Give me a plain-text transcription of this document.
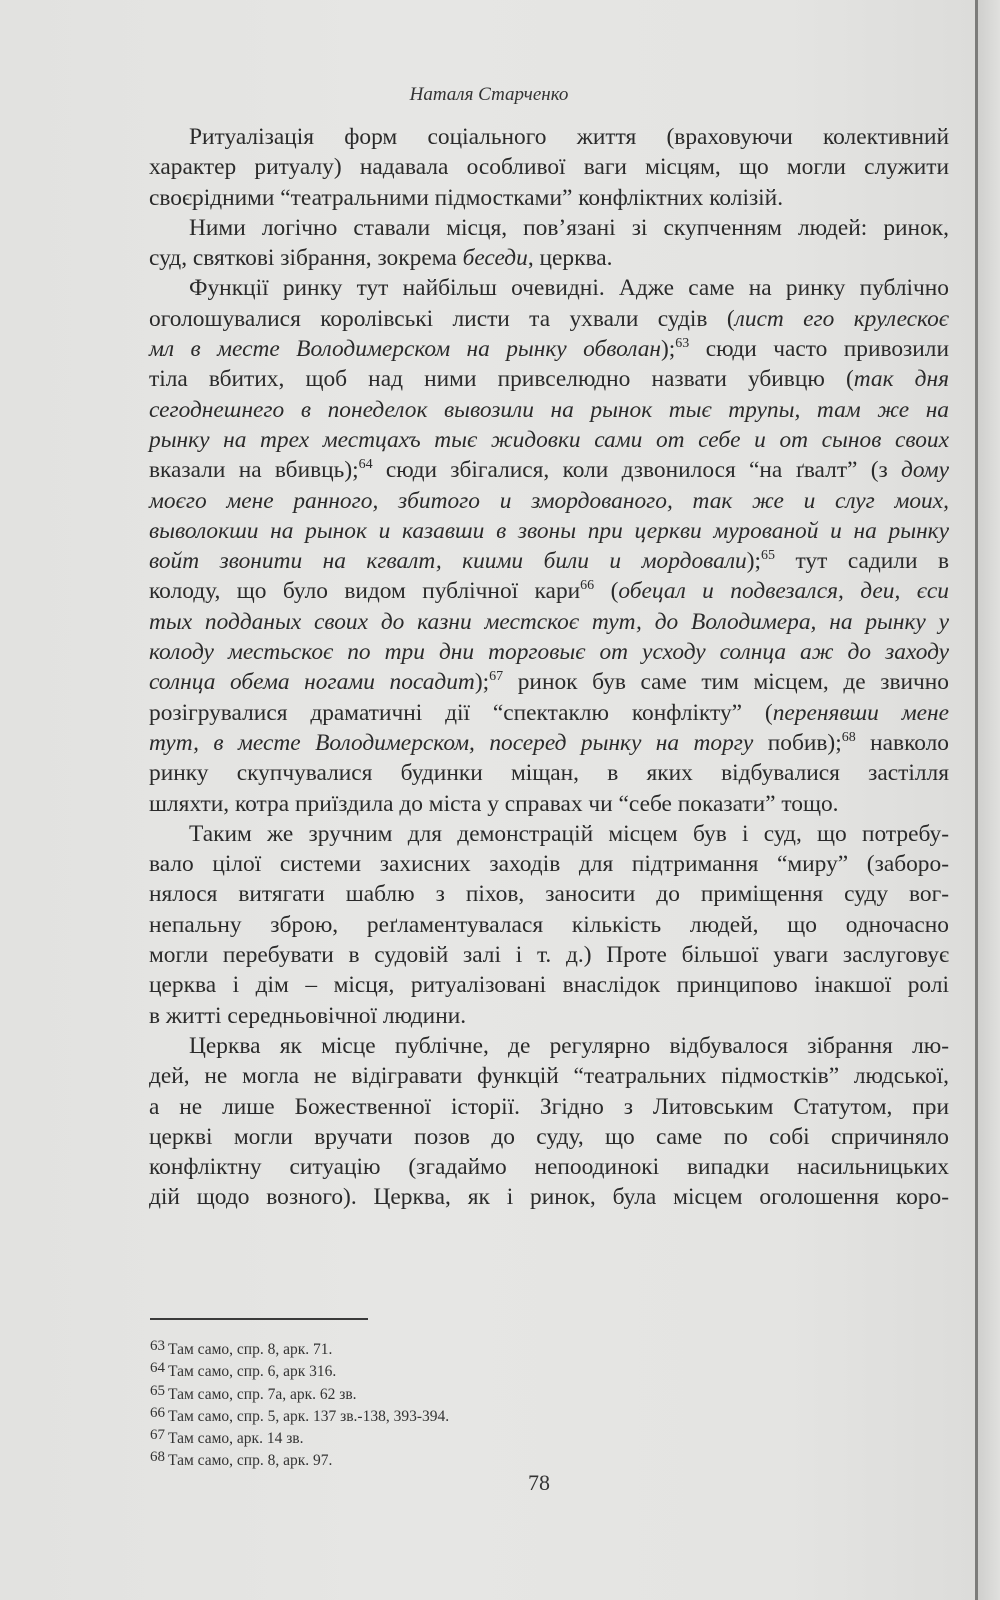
Наталя Старченко
Ритуалізація форм соціального життя (враховуючи колективний
характер ритуалу) надавала особливої ваги місцям, що могли служити
своєрідними “театральними підмостками” конфліктних колізій.
Ними логічно ставали місця, пов’язані зі скупченням людей: ринок,
суд, святкові зібрання, зокрема беседи, церква.
Функції ринку тут найбільш очевидні. Адже саме на ринку публічно
оголошувалися королівські листи та ухвали судів (лист его крулескоє
мл в месте Володимерском на рынку обволан);$^{63}$ сюди часто привозили
тіла вбитих, щоб над ними привселюдно назвати убивцю (так дня
сегоднешнего в понеделок вывозили на рынок тыє трупы, там же на
рынку на трех местцахъ тыє жидовки сами от себе и от сынов своих
вказали на вбивць);$^{64}$ сюди збігалися, коли дзвонилося “на ґвалт” (з дому
моєго мене ранного, збитого и змордованого, так же и слуг моих,
выволокши на рынок и казавши в звоны при церкви мурованой и на рынку
войт звонити на кгвалт, киими били и мордовали);$^{65}$ тут садили в
колоду, що було видом публічної кари$^{66}$ (обецал и подвезался, деи, єси
тых подданых своих до казни местскоє тут, до Володимера, на рынку у
колоду местьскоє по три дни торговыє от усходу солнца аж до заходу
солнца обема ногами посадит);$^{67}$ ринок був саме тим місцем, де звично
розігрувалися драматичні дії “спектаклю конфлікту” (перенявши мене
тут, в месте Володимерском, посеред рынку на торгу побив);$^{68}$ навколо
ринку скупчувалися будинки міщан, в яких відбувалися застілля
шляхти, котра приїздила до міста у справах чи “себе показати” тощо.
Таким же зручним для демонстрацій місцем був і суд, що потребу-
вало цілої системи захисних заходів для підтримання “миру” (заборо-
нялося витягати шаблю з піхов, заносити до приміщення суду вог-
непальну зброю, реґламентувалася кількість людей, що одночасно
могли перебувати в судовій залі і т. д.) Проте більшої уваги заслуговує
церква і дім – місця, ритуалізовані внаслідок принципово інакшої ролі
в житті середньовічної людини.
Церква як місце публічне, де регулярно відбувалося зібрання лю-
дей, не могла не відігравати функцій “театральних підмостків” людської,
а не лише Божественної історії. Згідно з Литовським Статутом, при
церкві могли вручати позов до суду, що саме по собі спричиняло
конфліктну ситуацію (згадаймо непоодинокі випадки насильницьких
дій щодо возного). Церква, як і ринок, була місцем оголошення коро-
63 Там само, спр. 8, арк. 71.
64 Там само, спр. 6, арк 316.
65 Там само, спр. 7а, арк. 62 зв.
66 Там само, спр. 5, арк. 137 зв.-138, 393-394.
67 Там само, арк. 14 зв.
68 Там само, спр. 8, арк. 97.
78
